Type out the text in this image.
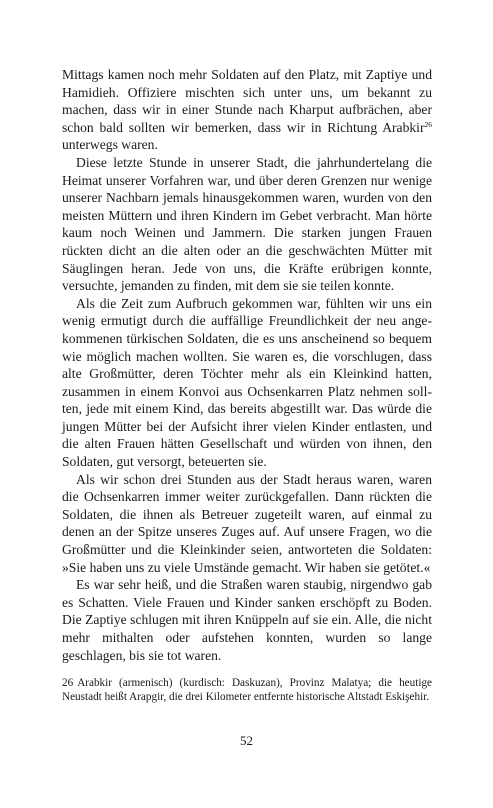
Mittags kamen noch mehr Soldaten auf den Platz, mit Zaptiye und Hamidieh. Offiziere mischten sich unter uns, um bekannt zu machen, dass wir in einer Stunde nach Kharput aufbrächen, aber schon bald sollten wir bemerken, dass wir in Richtung Arabkir$^{26}$ unterwegs waren.

Diese letzte Stunde in unserer Stadt, die jahrhundertelang die Heimat unserer Vorfahren war, und über deren Grenzen nur wenige unserer Nachbarn jemals hinausgekommen waren, wurden von den meisten Müttern und ihren Kindern im Gebet verbracht. Man hörte kaum noch Weinen und Jammern. Die starken jungen Frauen rückten dicht an die alten oder an die geschwächten Mütter mit Säuglingen heran. Jede von uns, die Kräfte erübrigen konnte, versuchte, jemanden zu finden, mit dem sie sie teilen konnte.

Als die Zeit zum Aufbruch gekommen war, fühlten wir uns ein wenig ermutigt durch die auffällige Freundlichkeit der neu angekommenen türkischen Soldaten, die es uns anscheinend so bequem wie möglich machen wollten. Sie waren es, die vorschlugen, dass alte Großmütter, deren Töchter mehr als ein Kleinkind hatten, zusammen in einem Konvoi aus Ochsenkarren Platz nehmen sollten, jede mit einem Kind, das bereits abgestillt war. Das würde die jungen Mütter bei der Aufsicht ihrer vielen Kinder entlasten, und die alten Frauen hätten Gesellschaft und würden von ihnen, den Soldaten, gut versorgt, beteuerten sie.

Als wir schon drei Stunden aus der Stadt heraus waren, waren die Ochsenkarren immer weiter zurückgefallen. Dann rückten die Soldaten, die ihnen als Betreuer zugeteilt waren, auf einmal zu denen an der Spitze unseres Zuges auf. Auf unsere Fragen, wo die Großmütter und die Kleinkinder seien, antworteten die Soldaten: »Sie haben uns zu viele Umstände gemacht. Wir haben sie getötet.«

Es war sehr heiß, und die Straßen waren staubig, nirgendwo gab es Schatten. Viele Frauen und Kinder sanken erschöpft zu Boden. Die Zaptiye schlugen mit ihren Knüppeln auf sie ein. Alle, die nicht mehr mithalten oder aufstehen konnten, wurden so lange geschlagen, bis sie tot waren.

26 Arabkir (armenisch) (kurdisch: Daskuzan), Provinz Malatya; die heutige Neustadt heißt Arapgir, die drei Kilometer entfernte historische Altstadt Eskişehir.

52
